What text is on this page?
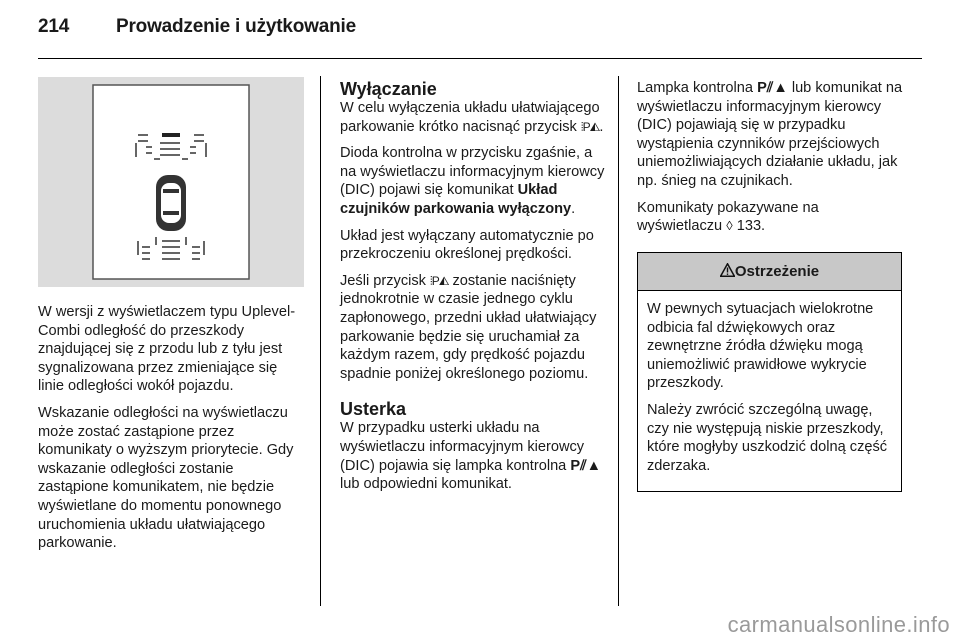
214 Prowadzenie i użytkowanie

W wersji z wyświetlaczem typu Uplevel-Combi odległość do przeszkody znajdującej się z przodu lub z tyłu jest sygnalizowana przez zmieniające się linie odległości wokół pojazdu.

Wskazanie odległości na wyświetlaczu może zostać zastąpione przez komunikaty o wyższym priorytecie. Gdy wskazanie odległości zostanie zastąpione komunikatem, nie będzie wyświetlane do momentu ponownego uruchomienia układu ułatwiającego parkowanie.

Wyłączanie

W celu wyłączenia układu ułatwiającego parkowanie krótko nacisnąć przycisk ⦙P◭.

Dioda kontrolna w przycisku zgaśnie, a na wyświetlaczu informacyjnym kierowcy (DIC) pojawi się komunikat Układ czujników parkowania wyłączony.

Układ jest wyłączany automatycznie po przekroczeniu określonej prędkości.

Jeśli przycisk ⦙P◭ zostanie naciśnięty jednokrotnie w czasie jednego cyklu zapłonowego, przedni układ ułatwiający parkowanie będzie się uruchamiał za każdym razem, gdy prędkość pojazdu spadnie poniżej określonego poziomu.

Usterka

W przypadku usterki układu na wyświetlaczu informacyjnym kierowcy (DIC) pojawia się lampka kontrolna P⫽▲ lub odpowiedni komunikat.

Lampka kontrolna P⫽▲ lub komunikat na wyświetlaczu informacyjnym kierowcy (DIC) pojawiają się w przypadku wystąpienia czynników przejściowych uniemożliwiających działanie układu, jak np. śnieg na czujnikach.

Komunikaty pokazywane na wyświetlaczu ◊ 133.

Ostrzeżenie

W pewnych sytuacjach wielokrotne odbicia fal dźwiękowych oraz zewnętrzne źródła dźwięku mogą uniemożliwić prawidłowe wykrycie przeszkody.

Należy zwrócić szczególną uwagę, czy nie występują niskie przeszkody, które mogłyby uszkodzić dolną część zderzaka.

carmanualsonline.info
